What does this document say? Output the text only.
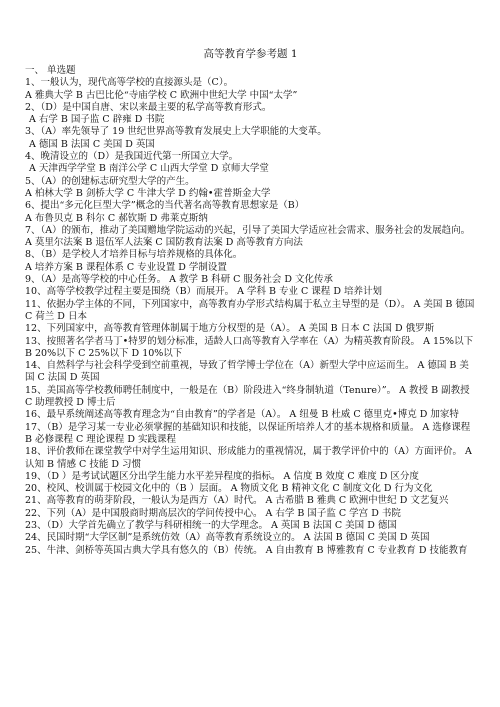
高等教育学参考题 1

一、 单选题

1、一般认为，现代高等学校的直接源头是（C）。

A 雅典大学 B 古巴比伦“寺庙学校 C 欧洲中世纪大学 中国“太学”

2、（D）是中国自唐、宋以来最主要的私学高等教育形式。

A 右学 B 国子监 C 辟雍 D 书院

3、（A）率先领导了 19 世纪世界高等教育发展史上大学职能的大变革。

A 德国 B 法国 C 美国 D 英国

4、晚清设立的（D）是我国近代第一所国立大学。

A 天津西学学堂 B 南洋公学 C 山西大学堂 D 京师大学堂

5、（A）的创建标志研究型大学的产生。

A 柏林大学 B 剑桥大学 C 牛津大学 D 约翰•霍普斯金大学

6、提出“多元化巨型大学”概念的当代著名高等教育思想家是（B）

A 布鲁贝克 B 科尔 C 郝钦斯 D 弗莱克斯纳

7、（A）的颁布，推动了美国赠地学院运动的兴起，引导了美国大学适应社会需求、服务社会的发展趋向。

A 莫里尔法案 B 退伍军人法案 C 国防教育法案 D 高等教育方向法

8、（B）是学校人才培养目标与培养规格的具体化。

A 培养方案 B 课程体系 C 专业设置 D 学制设置

9、（A）是高等学校的中心任务。 A 教学 B 科研 C 服务社会 D 文化传承

10、高等学校教学过程主要是围绕（B）而展开。 A 学科 B 专业 C 课程 D 培养计划

11、依据办学主体的不同，下列国家中，高等教育办学形式结构属于私立主导型的是（D）。 A 美国 B 德国 C 荷兰 D 日本

12、下列国家中，高等教育管理体制属于地方分权型的是（A）。 A 美国 B 日本 C 法国 D 俄罗斯

13、按照著名学者马丁•特罗的划分标准，适龄人口高等教育入学率在（A）为精英教育阶段。 A 15%以下 B 20%以下 C 25%以下 D 10%以下

14、自然科学与社会科学受到空前重视，导致了哲学博士学位在（A）新型大学中应运而生。 A 德国 B 美国 C 法国 D 英国

15、美国高等学校教师聘任制度中，一般是在（B）阶段进入“终身制轨道（Tenure）”。 A 教授 B 副教授 C 助理教授 D 博士后

16、最早系统阐述高等教育理念为“自由教育”的学者是（A）。 A 纽曼 B 杜威 C 德里克•博克 D 加家特

17、（B）是学习某一专业必须掌握的基础知识和技能，以保证所培养人才的基本规格和质量。 A 选修课程 B 必修课程 C 理论课程 D 实践课程

18、评价教师在课堂教学中对学生运用知识、形成能力的重视情况，属于教学评价中的（A）方面评价。 A 认知 B 情感 C 技能 D 习惯

19、（D ）是考试试题区分出学生能力水平差异程度的指标。 A 信度 B 效度 C 难度 D 区分度

20、校风、校训属于校园文化中的（B ）层面。 A 物质文化 B 精神文化 C 制度文化 D 行为文化

21、高等教育的萌芽阶段，一般认为是西方（A）时代。 A 古希腊 B 雅典 C 欧洲中世纪 D 文艺复兴

22、下列（A）是中国殷商时期高层次的学问传授中心。 A 右学 B 国子监 C 学宫 D 书院

23、（D）大学首先确立了教学与科研相统一的大学理念。 A 英国 B 法国 C 美国 D 德国

24、民国时期“大学区制”是系统仿效（A）高等教育系统设立的。 A 法国 B 德国 C 美国 D 英国

25、牛津、剑桥等英国古典大学具有悠久的（B）传统。 A 自由教育 B 博雅教育 C 专业教育 D 技能教育
